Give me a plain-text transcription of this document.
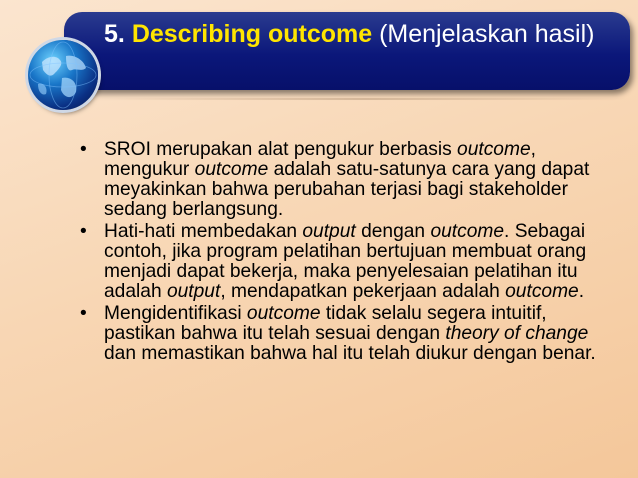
5. Describing outcome (Menjelaskan hasil)
• SROI merupakan alat pengukur berbasis outcome, mengukur outcome adalah satu-satunya cara yang dapat meyakinkan bahwa perubahan terjasi bagi stakeholder sedang berlangsung.
• Hati-hati membedakan output dengan outcome. Sebagai contoh, jika program pelatihan bertujuan membuat orang menjadi dapat bekerja, maka penyelesaian pelatihan itu adalah output, mendapatkan pekerjaan adalah outcome.
• Mengidentifikasi outcome tidak selalu segera intuitif, pastikan bahwa itu telah sesuai dengan theory of change dan memastikan bahwa hal itu telah diukur dengan benar.
